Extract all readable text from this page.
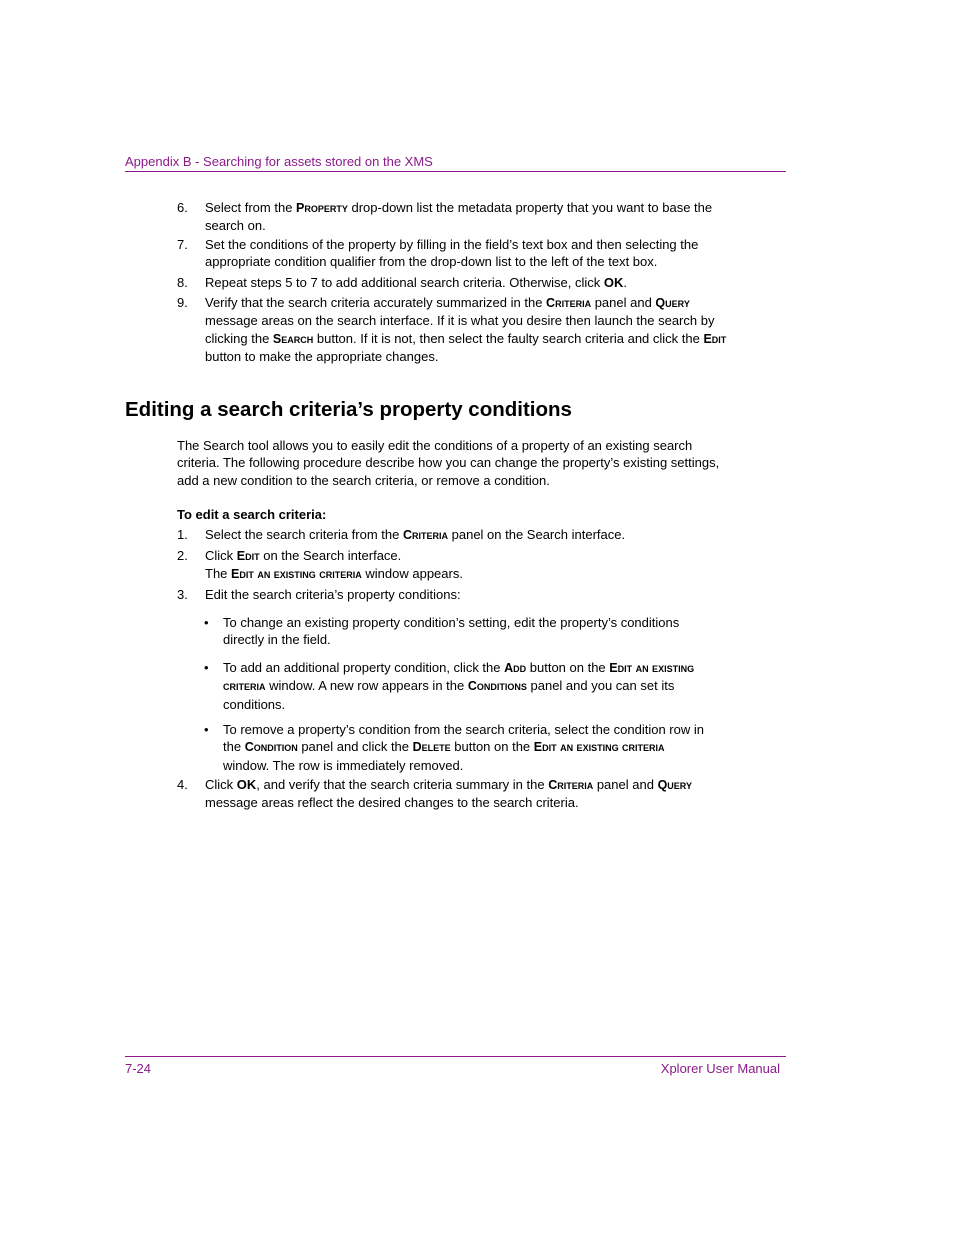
Appendix B - Searching for assets stored on the XMS
6. Select from the Property drop-down list the metadata property that you want to base the search on.
7. Set the conditions of the property by filling in the field’s text box and then selecting the appropriate condition qualifier from the drop-down list to the left of the text box.
8. Repeat steps 5 to 7 to add additional search criteria. Otherwise, click OK.
9. Verify that the search criteria accurately summarized in the Criteria panel and Query message areas on the search interface. If it is what you desire then launch the search by clicking the Search button. If it is not, then select the faulty search criteria and click the Edit button to make the appropriate changes.
Editing a search criteria’s property conditions

The Search tool allows you to easily edit the conditions of a property of an existing search criteria. The following procedure describe how you can change the property’s existing settings, add a new condition to the search criteria, or remove a condition.

To edit a search criteria:
1. Select the search criteria from the Criteria panel on the Search interface.
2. Click Edit on the Search interface.
The Edit an existing criteria window appears.
3. Edit the search criteria’s property conditions:
• To change an existing property condition’s setting, edit the property’s conditions directly in the field.
• To add an additional property condition, click the Add button on the Edit an existing criteria window. A new row appears in the Conditions panel and you can set its conditions.
• To remove a property’s condition from the search criteria, select the condition row in the Condition panel and click the Delete button on the Edit an existing criteria window. The row is immediately removed.
4. Click OK, and verify that the search criteria summary in the Criteria panel and Query message areas reflect the desired changes to the search criteria.
7-24	Xplorer User Manual
